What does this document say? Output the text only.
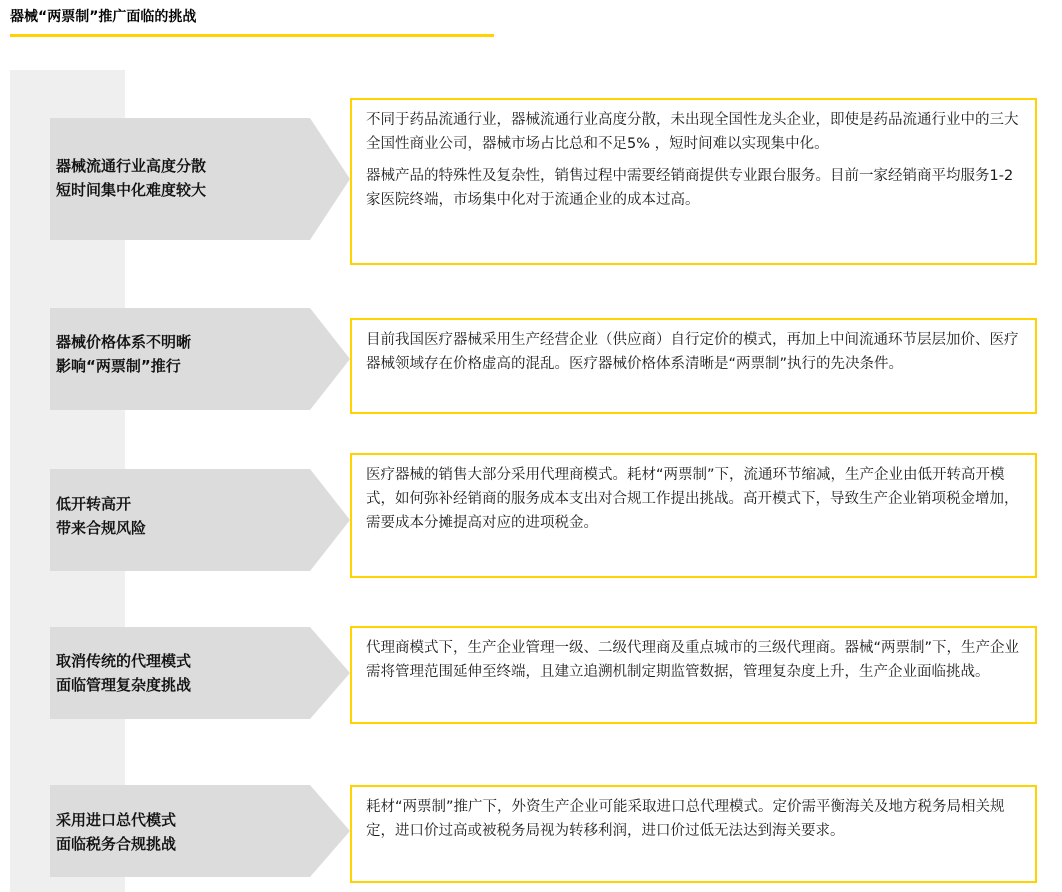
器械“两票制”推广面临的挑战
器械流通行业高度分散
短时间集中化难度较大

不同于药品流通行业，器械流通行业高度分散，未出现全国性龙头企业，即使是药品流通行业中的三大全国性商业公司，器械市场占比总和不足5% ，短时间难以实现集中化。

器械产品的特殊性及复杂性，销售过程中需要经销商提供专业跟台服务。目前一家经销商平均服务1-2家医院终端，市场集中化对于流通企业的成本过高。

器械价格体系不明晰
影响“两票制”推行

目前我国医疗器械采用生产经营企业（供应商）自行定价的模式，再加上中间流通环节层层加价、医疗器械领域存在价格虚高的混乱。医疗器械价格体系清晰是“两票制”执行的先决条件。

低开转高开
带来合规风险

医疗器械的销售大部分采用代理商模式。耗材“两票制”下，流通环节缩减，生产企业由低开转高开模式，如何弥补经销商的服务成本支出对合规工作提出挑战。高开模式下，导致生产企业销项税金增加，需要成本分摊提高对应的进项税金。

取消传统的代理模式
面临管理复杂度挑战

代理商模式下，生产企业管理一级、二级代理商及重点城市的三级代理商。器械“两票制”下，生产企业需将管理范围延伸至终端，且建立追溯机制定期监管数据，管理复杂度上升，生产企业面临挑战。

采用进口总代模式
面临税务合规挑战

耗材“两票制”推广下，外资生产企业可能采取进口总代理模式。定价需平衡海关及地方税务局相关规定，进口价过高或被税务局视为转移利润，进口价过低无法达到海关要求。
